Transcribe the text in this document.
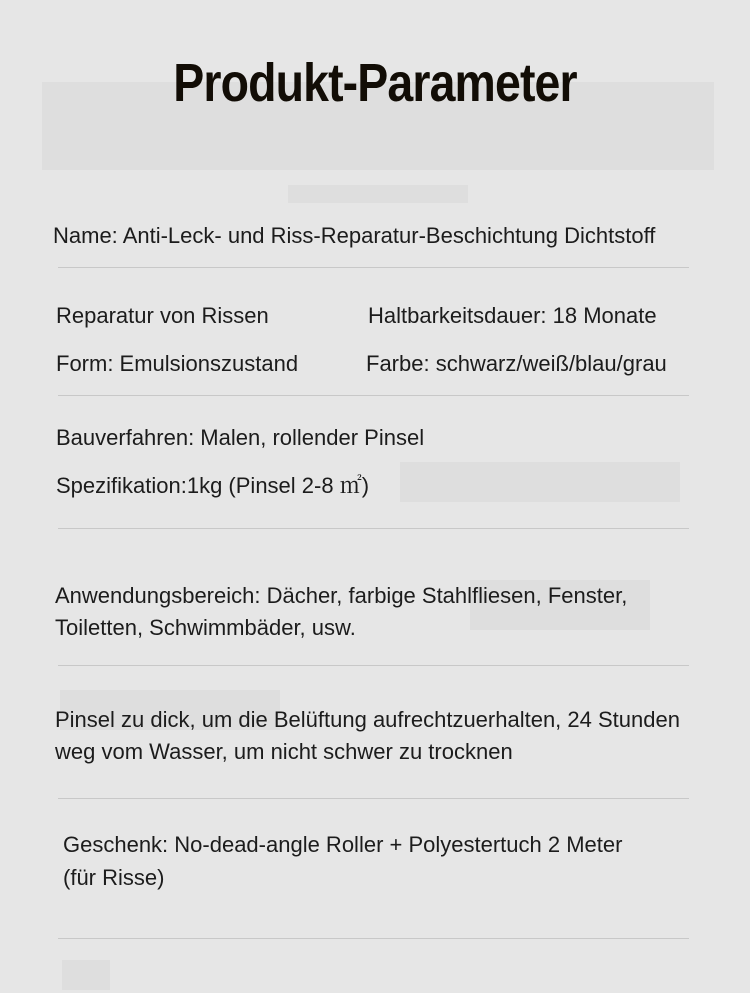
Produkt-Parameter
Name: Anti-Leck- und Riss-Reparatur-Beschichtung Dichtstoff
Reparatur von Rissen	Haltbarkeitsdauer: 18 Monate
Form: Emulsionszustand	Farbe: schwarz/weiß/blau/grau
Bauverfahren: Malen, rollender Pinsel
Spezifikation:1kg (Pinsel 2-8 ㎡)
Anwendungsbereich: Dächer, farbige Stahlfliesen, Fenster,
Toiletten, Schwimmbäder, usw.
Pinsel zu dick, um die Belüftung aufrechtzuerhalten, 24 Stunden
weg vom Wasser, um nicht schwer zu trocknen
Geschenk: No-dead-angle Roller + Polyestertuch 2 Meter
(für Risse)
